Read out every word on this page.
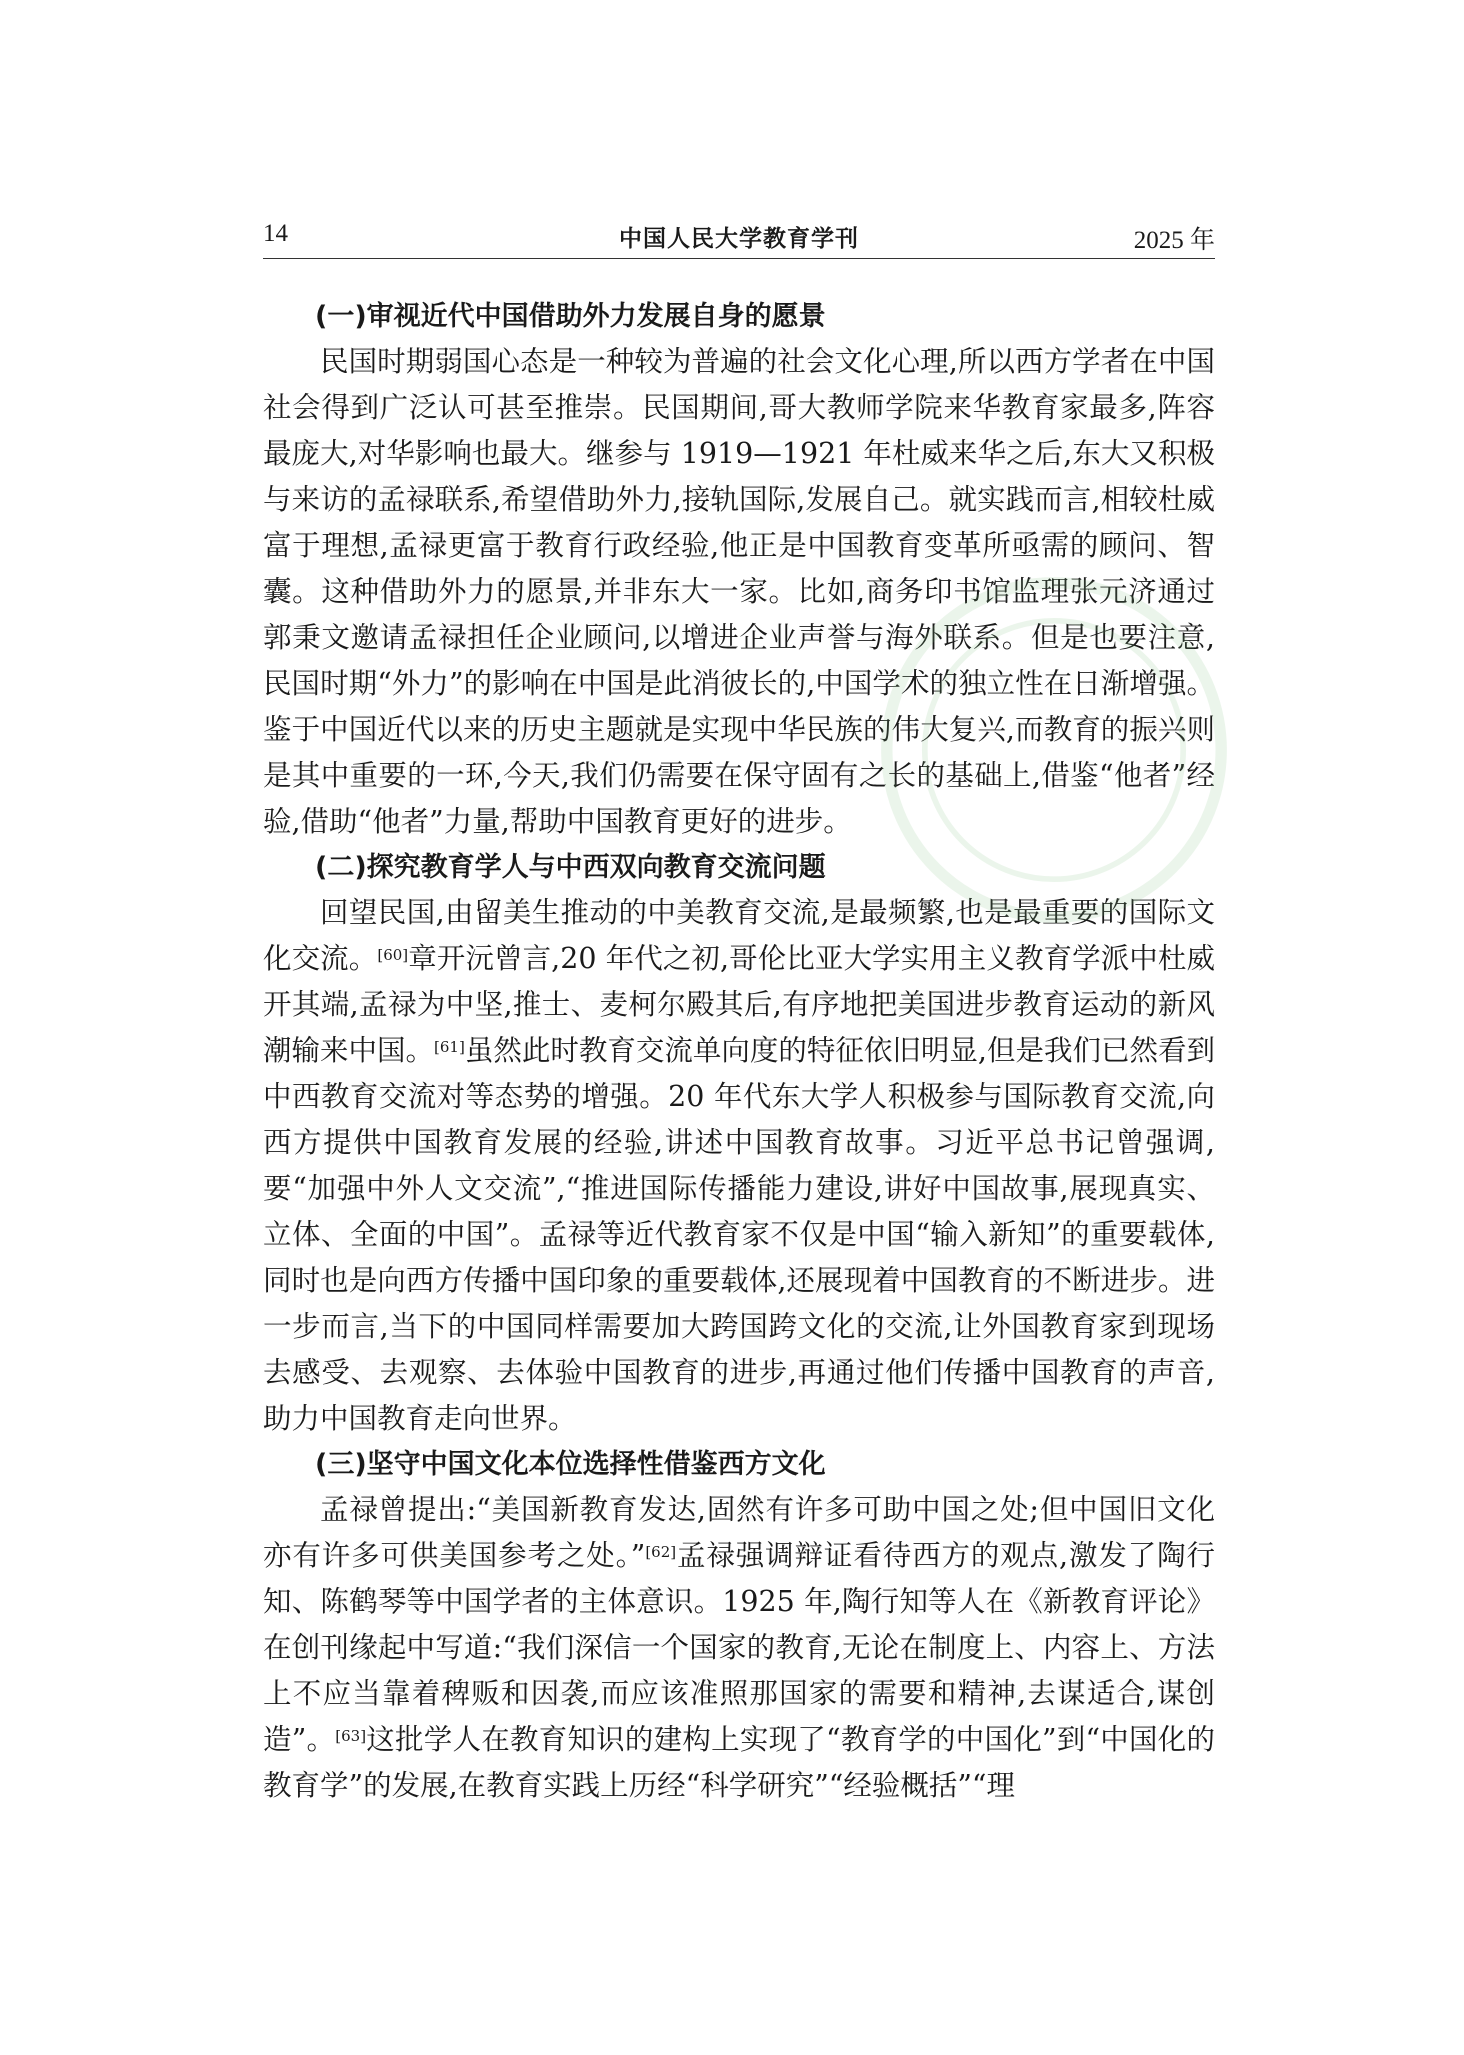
14	中国人民大学教育学刊	2025 年
(一)审视近代中国借助外力发展自身的愿景

民国时期弱国心态是一种较为普遍的社会文化心理,所以西方学者在中国社会得到广泛认可甚至推崇。民国期间,哥大教师学院来华教育家最多,阵容最庞大,对华影响也最大。继参与 1919—1921 年杜威来华之后,东大又积极与来访的孟禄联系,希望借助外力,接轨国际,发展自己。就实践而言,相较杜威富于理想,孟禄更富于教育行政经验,他正是中国教育变革所亟需的顾问、智囊。这种借助外力的愿景,并非东大一家。比如,商务印书馆监理张元济通过郭秉文邀请孟禄担任企业顾问,以增进企业声誉与海外联系。但是也要注意,民国时期“外力”的影响在中国是此消彼长的,中国学术的独立性在日渐增强。鉴于中国近代以来的历史主题就是实现中华民族的伟大复兴,而教育的振兴则是其中重要的一环,今天,我们仍需要在保守固有之长的基础上,借鉴“他者”经验,借助“他者”力量,帮助中国教育更好的进步。

(二)探究教育学人与中西双向教育交流问题

回望民国,由留美生推动的中美教育交流,是最频繁,也是最重要的国际文化交流。[60]章开沅曾言,20 年代之初,哥伦比亚大学实用主义教育学派中杜威开其端,孟禄为中坚,推士、麦柯尔殿其后,有序地把美国进步教育运动的新风潮输来中国。[61]虽然此时教育交流单向度的特征依旧明显,但是我们已然看到中西教育交流对等态势的增强。20 年代东大学人积极参与国际教育交流,向西方提供中国教育发展的经验,讲述中国教育故事。习近平总书记曾强调,要“加强中外人文交流”,“推进国际传播能力建设,讲好中国故事,展现真实、立体、全面的中国”。孟禄等近代教育家不仅是中国“输入新知”的重要载体,同时也是向西方传播中国印象的重要载体,还展现着中国教育的不断进步。进一步而言,当下的中国同样需要加大跨国跨文化的交流,让外国教育家到现场去感受、去观察、去体验中国教育的进步,再通过他们传播中国教育的声音,助力中国教育走向世界。

(三)坚守中国文化本位选择性借鉴西方文化

孟禄曾提出:“美国新教育发达,固然有许多可助中国之处;但中国旧文化亦有许多可供美国参考之处。”[62]孟禄强调辩证看待西方的观点,激发了陶行知、陈鹤琴等中国学者的主体意识。1925 年,陶行知等人在《新教育评论》在创刊缘起中写道:“我们深信一个国家的教育,无论在制度上、内容上、方法上不应当靠着稗贩和因袭,而应该准照那国家的需要和精神,去谋适合,谋创造”。[63]这批学人在教育知识的建构上实现了“教育学的中国化”到“中国化的教育学”的发展,在教育实践上历经“科学研究”“经验概括”“理
